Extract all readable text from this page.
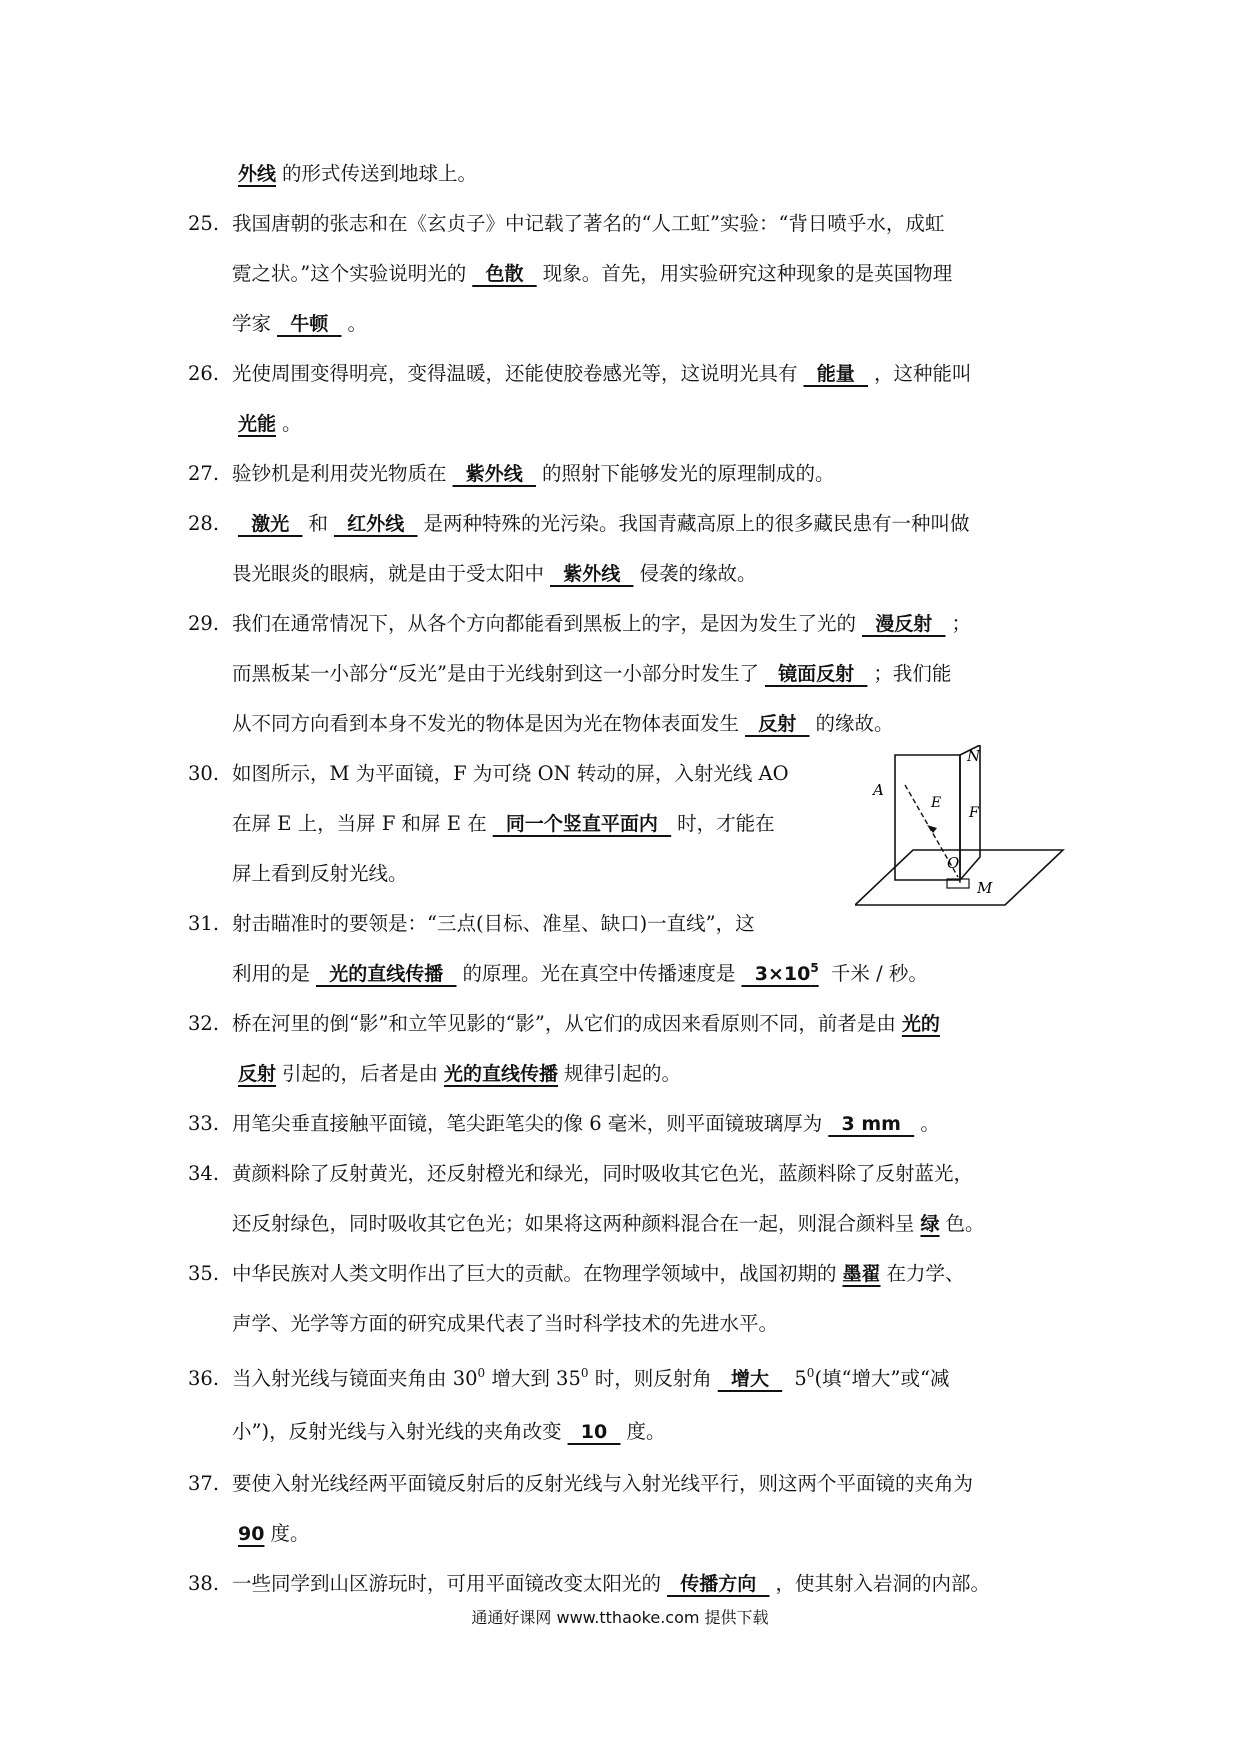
外线 的形式传送到地球上。
25. 我国唐朝的张志和在《玄贞子》中记载了著名的“人工虹”实验：“背日喷乎水，成虹
霓之状。”这个实验说明光的  色散  现象。首先，用实验研究这种现象的是英国物理
学家  牛顿  。
26. 光使周围变得明亮，变得温暖，还能使胶卷感光等，这说明光具有  能量  ，这种能叫
光能 。
27. 验钞机是利用荧光物质在  紫外线  的照射下能够发光的原理制成的。
28. 激光  和  红外线  是两种特殊的光污染。我国青藏高原上的很多藏民患有一种叫做
畏光眼炎的眼病，就是由于受太阳中  紫外线  侵袭的缘故。
29. 我们在通常情况下，从各个方向都能看到黑板上的字，是因为发生了光的  漫反射  ；
而黑板某一小部分“反光”是由于光线射到这一小部分时发生了  镜面反射  ；我们能
从不同方向看到本身不发光的物体是因为光在物体表面发生  反射  的缘故。
30. 如图所示，M 为平面镜，F 为可绕 ON 转动的屏，入射光线 AO
在屏 E 上，当屏 F 和屏 E 在  同一个竖直平面内  时，才能在
屏上看到反射光线。
31. 射击瞄准时的要领是：“三点(目标、准星、缺口)一直线”，这
利用的是  光的直线传播  的原理。光在真空中传播速度是  $3\times 10^5$ 千米 / 秒。
32. 桥在河里的倒“影”和立竿见影的“影”，从它们的成因来看原则不同，前者是由 光的
反射 引起的，后者是由 光的直线传播 规律引起的。
33. 用笔尖垂直接触平面镜，笔尖距笔尖的像 6 毫米，则平面镜玻璃厚为  3 mm  。
34. 黄颜料除了反射黄光，还反射橙光和绿光，同时吸收其它色光，蓝颜料除了反射蓝光，
还反射绿色，同时吸收其它色光；如果将这两种颜料混合在一起，则混合颜料呈 绿 色。
35. 中华民族对人类文明作出了巨大的贡献。在物理学领域中，战国初期的 墨翟 在力学、
声学、光学等方面的研究成果代表了当时科学技术的先进水平。
36. 当入射光线与镜面夹角由 $30^0$ 增大到 $35^0$ 时，则反射角  增大   $5^0$(填“增大”或“减
小”)，反射光线与入射光线的夹角改变  10  度。
37. 要使入射光线经两平面镜反射后的反射光线与入射光线平行，则这两个平面镜的夹角为
90 度。
38. 一些同学到山区游玩时，可用平面镜改变太阳光的  传播方向  ，使其射入岩洞的内部。
N
A
E
F
O
M
通通好课网 www.tthaoke.com 提供下载
